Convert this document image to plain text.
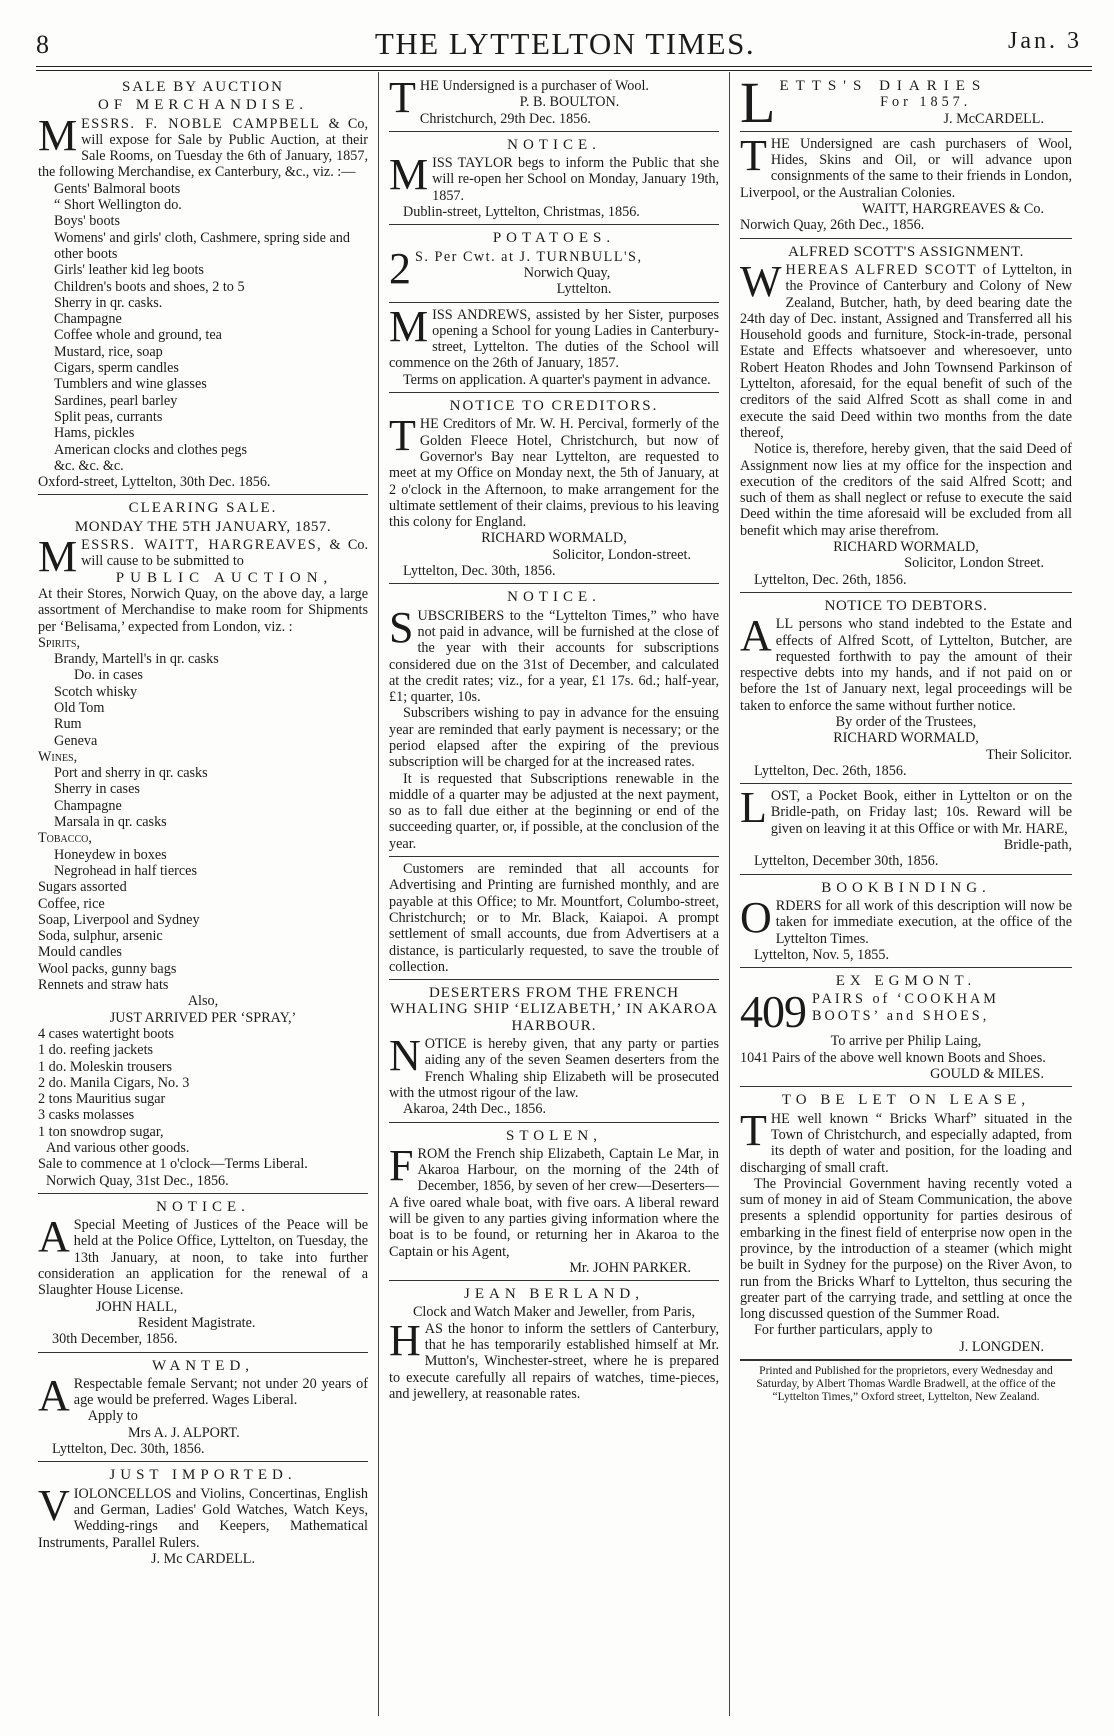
8	THE LYTTELTON TIMES.	Jan. 3
SALE BY AUCTION
OF MERCHANDISE.

MESSRS. F. NOBLE CAMPBELL & Co, will expose for Sale by Public Auction, at their Sale Rooms, on Tuesday the 6th of January, 1857, the following Merchandise, ex Canterbury, &c., viz. :—

Gents' Balmoral boots

“ Short Wellington do.

Boys' boots

Womens' and girls' cloth, Cashmere, spring side and other boots

Girls' leather kid leg boots

Children's boots and shoes, 2 to 5

Sherry in qr. casks.

Champagne

Coffee whole and ground, tea

Mustard, rice, soap

Cigars, sperm candles

Tumblers and wine glasses

Sardines, pearl barley

Split peas, currants

Hams, pickles

American clocks and clothes pegs

&c. &c. &c.

Oxford-street, Lyttelton, 30th Dec. 1856.

CLEARING SALE.
MONDAY THE 5TH JANUARY, 1857.

MESSRS. WAITT, HARGREAVES, & Co. will cause to be submitted to

PUBLIC AUCTION,

At their Stores, Norwich Quay, on the above day, a large assortment of Merchandise to make room for Shipments per ‘Belisama,’ expected from London, viz. :

Spirits,

Brandy, Martell's in qr. casks

Do. in cases

Scotch whisky

Old Tom

Rum

Geneva

Wines,

Port and sherry in qr. casks

Sherry in cases

Champagne

Marsala in qr. casks

Tobacco,

Honeydew in boxes

Negrohead in half tierces

Sugars assorted

Coffee, rice

Soap, Liverpool and Sydney

Soda, sulphur, arsenic

Mould candles

Wool packs, gunny bags

Rennets and straw hats

Also,

JUST ARRIVED PER ‘SPRAY,’

4 cases watertight boots

1 do. reefing jackets

1 do. Moleskin trousers

2 do. Manila Cigars, No. 3

2 tons Mauritius sugar

3 casks molasses

1 ton snowdrop sugar,

And various other goods.

Sale to commence at 1 o'clock—Terms Liberal.

Norwich Quay, 31st Dec., 1856.

NOTICE.

A Special Meeting of Justices of the Peace will be held at the Police Office, Lyttelton, on Tuesday, the 13th January, at noon, to take into further consideration an application for the renewal of a Slaughter House License.

JOHN HALL,

Resident Magistrate.

30th December, 1856.

WANTED,

A Respectable female Servant; not under 20 years of age would be preferred. Wages Liberal.

Apply to

Mrs A. J. ALPORT.

Lyttelton, Dec. 30th, 1856.

JUST IMPORTED.

VIOLONCELLOS and Violins, Concertinas, English and German, Ladies' Gold Watches, Watch Keys, Wedding-rings and Keepers, Mathematical Instruments, Parallel Rulers.

J. Mc CARDELL.

THE Undersigned is a purchaser of Wool.

P. B. BOULTON.

Christchurch, 29th Dec. 1856.

NOTICE.

MISS TAYLOR begs to inform the Public that she will re-open her School on Monday, January 19th, 1857.

Dublin-street, Lyttelton, Christmas, 1856.

POTATOES.

2 S. Per Cwt. at J. TURNBULL'S,

Norwich Quay,

Lyttelton.

MISS ANDREWS, assisted by her Sister, purposes opening a School for young Ladies in Canterbury-street, Lyttelton. The duties of the School will commence on the 26th of January, 1857.

Terms on application. A quarter's payment in advance.

NOTICE TO CREDITORS.

THE Creditors of Mr. W. H. Percival, formerly of the Golden Fleece Hotel, Christchurch, but now of Governor's Bay near Lyttelton, are requested to meet at my Office on Monday next, the 5th of January, at 2 o'clock in the Afternoon, to make arrangement for the ultimate settlement of their claims, previous to his leaving this colony for England.

RICHARD WORMALD,

Solicitor, London-street.

Lyttelton, Dec. 30th, 1856.

NOTICE.

SUBSCRIBERS to the “Lyttelton Times,” who have not paid in advance, will be furnished at the close of the year with their accounts for subscriptions considered due on the 31st of December, and calculated at the credit rates; viz., for a year, £1 17s. 6d.; half-year, £1; quarter, 10s.

Subscribers wishing to pay in advance for the ensuing year are reminded that early payment is necessary; or the period elapsed after the expiring of the previous subscription will be charged for at the increased rates.

It is requested that Subscriptions renewable in the middle of a quarter may be adjusted at the next payment, so as to fall due either at the beginning or end of the succeeding quarter, or, if possible, at the conclusion of the year.

Customers are reminded that all accounts for Advertising and Printing are furnished monthly, and are payable at this Office; to Mr. Mountfort, Columbo-street, Christchurch; or to Mr. Black, Kaiapoi. A prompt settlement of small accounts, due from Advertisers at a distance, is particularly requested, to save the trouble of collection.

DESERTERS FROM THE FRENCH WHALING SHIP ‘ELIZABETH,’ IN AKAROA HARBOUR.

NOTICE is hereby given, that any party or parties aiding any of the seven Seamen deserters from the French Whaling ship Elizabeth will be prosecuted with the utmost rigour of the law.

Akaroa, 24th Dec., 1856.

STOLEN,

FROM the French ship Elizabeth, Captain Le Mar, in Akaroa Harbour, on the morning of the 24th of December, 1856, by seven of her crew—Deserters—A five oared whale boat, with five oars. A liberal reward will be given to any parties giving information where the boat is to be found, or returning her in Akaroa to the Captain or his Agent,

Mr. JOHN PARKER.

JEAN BERLAND,

Clock and Watch Maker and Jeweller, from Paris,

HAS the honor to inform the settlers of Canterbury, that he has temporarily established himself at Mr. Mutton's, Winchester-street, where he is prepared to execute carefully all repairs of watches, time-pieces, and jewellery, at reasonable rates.

LETTS'S DIARIES

For 1857.

J. McCARDELL.

THE Undersigned are cash purchasers of Wool, Hides, Skins and Oil, or will advance upon consignments of the same to their friends in London, Liverpool, or the Australian Colonies.

WAITT, HARGREAVES & Co.

Norwich Quay, 26th Dec., 1856.

ALFRED SCOTT'S ASSIGNMENT.

WHEREAS ALFRED SCOTT of Lyttelton, in the Province of Canterbury and Colony of New Zealand, Butcher, hath, by deed bearing date the 24th day of Dec. instant, Assigned and Transferred all his Household goods and furniture, Stock-in-trade, personal Estate and Effects whatsoever and wheresoever, unto Robert Heaton Rhodes and John Townsend Parkinson of Lyttelton, aforesaid, for the equal benefit of such of the creditors of the said Alfred Scott as shall come in and execute the said Deed within two months from the date thereof,

Notice is, therefore, hereby given, that the said Deed of Assignment now lies at my office for the inspection and execution of the creditors of the said Alfred Scott; and such of them as shall neglect or refuse to execute the said Deed within the time aforesaid will be excluded from all benefit which may arise therefrom.

RICHARD WORMALD,

Solicitor, London Street.

Lyttelton, Dec. 26th, 1856.

NOTICE TO DEBTORS.

ALL persons who stand indebted to the Estate and effects of Alfred Scott, of Lyttelton, Butcher, are requested forthwith to pay the amount of their respective debts into my hands, and if not paid on or before the 1st of January next, legal proceedings will be taken to enforce the same without further notice.

By order of the Trustees,

RICHARD WORMALD,

Their Solicitor.

Lyttelton, Dec. 26th, 1856.

LOST, a Pocket Book, either in Lyttelton or on the Bridle-path, on Friday last; 10s. Reward will be given on leaving it at this Office or with Mr. HARE,

Bridle-path,

Lyttelton, December 30th, 1856.

BOOKBINDING.

ORDERS for all work of this description will now be taken for immediate execution, at the office of the Lyttelton Times.

Lyttelton, Nov. 5, 1855.

EX EGMONT.

409 PAIRS of ‘COOKHAM

BOOTS’ and SHOES,

To arrive per Philip Laing,

1041 Pairs of the above well known Boots and Shoes.

GOULD & MILES.

TO BE LET ON LEASE,

THE well known “ Bricks Wharf” situated in the Town of Christchurch, and especially adapted, from its depth of water and position, for the loading and discharging of small craft.

The Provincial Government having recently voted a sum of money in aid of Steam Communication, the above presents a splendid opportunity for parties desirous of embarking in the finest field of enterprise now open in the province, by the introduction of a steamer (which might be built in Sydney for the purpose) on the River Avon, to run from the Bricks Wharf to Lyttelton, thus securing the greater part of the carrying trade, and settling at once the long discussed question of the Summer Road.

For further particulars, apply to

J. LONGDEN.

Printed and Published for the proprietors, every Wednesday and Saturday, by Albert Thomas Wardle Bradwell, at the office of the “Lyttelton Times,” Oxford street, Lyttelton, New Zealand.
